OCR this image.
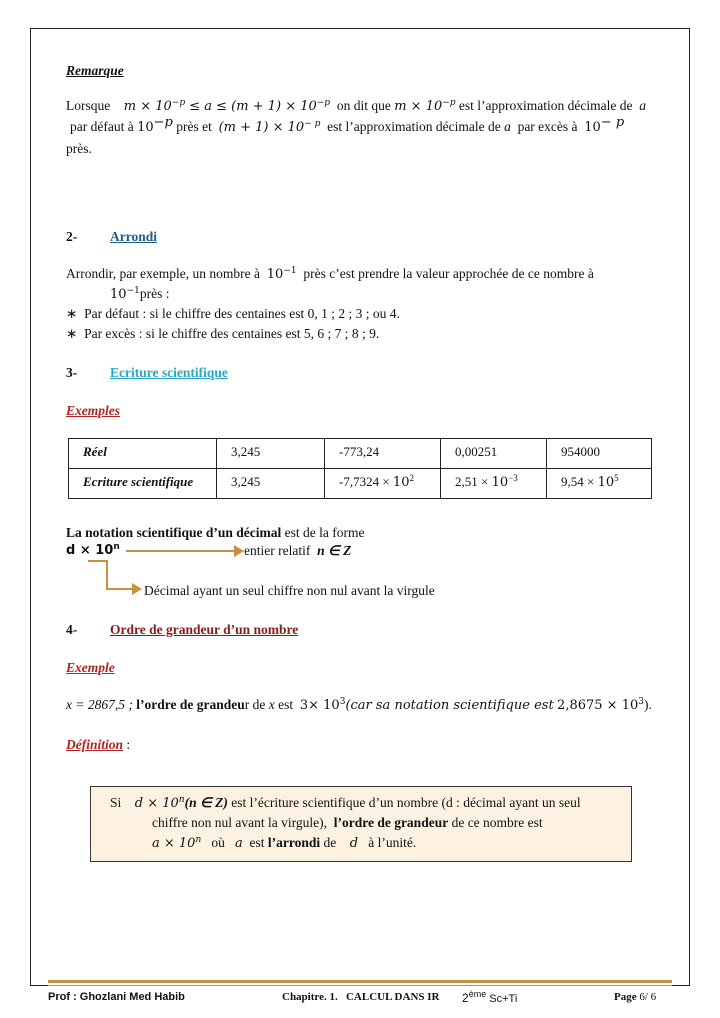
Remarque
Lorsque $m \times 10^{-p} \le a \le (m + 1) \times 10^{-p}$ on dit que $m \times 10^{-p}$ est l’approximation décimale de a
par défaut à $10^{-p}$ près et $(m + 1) \times 10^{- p}$ est l’approximation décimale de a par excès à $10^{- p}$
près.
2- Arrondi
Arrondir, par exemple, un nombre à $10^{-1}$ près c’est prendre la valeur approchée de ce nombre à
$10^{-1}près$ :
∗ Par défaut : si le chiffre des centaines est 0, 1 ; 2 ; 3 ; ou 4.
∗ Par excès : si le chiffre des centaines est 5, 6 ; 7 ; 8 ; 9.
3- Ecriture scientifique
Exemples
Réel	3,245	-773,24	0,00251	954000
Ecriture scientifique	3,245	$-7,7324 \times 10^2$	$2,51 \times 10^{-3}$	$9,54 \times 10^5$
La notation scientifique d’un décimal est de la forme
$d \times 10^n$	entier relatif n ∈ Z
Décimal ayant un seul chiffre non nul avant la virgule
4- Ordre de grandeur d’un nombre
Exemple
x = 2867,5 ; l’ordre de grandeur de x est $3\times 10^3(car$ sa notation scientifique est $2,8675 \times 10^3$).
Définition :
Si $d \times 10^n(n$ ∈ Z) est l’écriture scientifique d’un nombre (d : décimal ayant un seul
chiffre non nul avant la virgule), l’ordre de grandeur de ce nombre est
$a \times 10^n$ où a est l’arrondi de d à l’unité.
Prof : Ghozlani Med Habib	Chapitre. 1. CALCUL DANS IR 2ème Sc+Ti	Page 6/ 6
